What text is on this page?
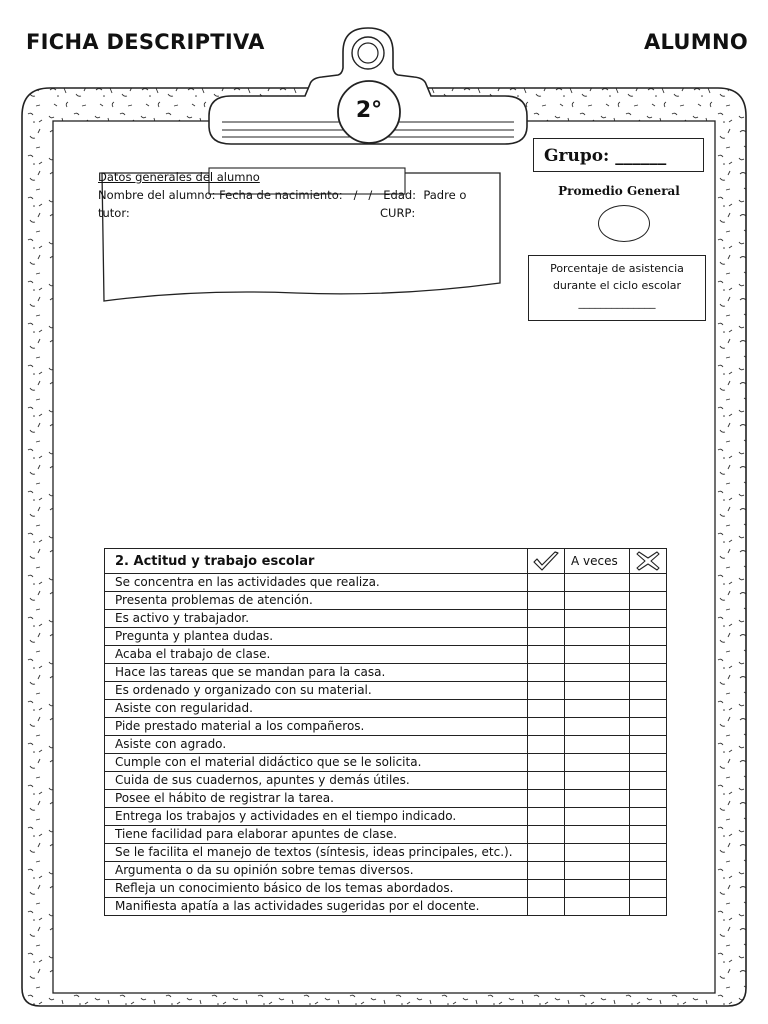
FICHA DESCRIPTIVA	ALUMNO
2°
Datos generales del alumno
Nombre del alumno: Fecha de nacimiento:   /   /   Edad:  Padre o
tutor:	CURP:
Grupo: ______
Promedio General
Porcentaje de asistencia
durante el ciclo escolar
______________
2. Actitud y trabajo escolar		A veces	

Se concentra en las actividades que realiza.			
Presenta problemas de atención.			
Es activo y trabajador.			
Pregunta y plantea dudas.			
Acaba el trabajo de clase.			
Hace las tareas que se mandan para la casa.			
Es ordenado y organizado con su material.			
Asiste con regularidad.			
Pide prestado material a los compañeros.			
Asiste con agrado.			
Cumple con el material didáctico que se le solicita.			
Cuida de sus cuadernos, apuntes y demás útiles.			
Posee el hábito de registrar la tarea.			
Entrega los trabajos y actividades en el tiempo indicado.			
Tiene facilidad para elaborar apuntes de clase.			
Se le facilita el manejo de textos (síntesis, ideas principales, etc.).			
Argumenta o da su opinión sobre temas diversos.			
Refleja un conocimiento básico de los temas abordados.			
Manifiesta apatía a las actividades sugeridas por el docente.			
